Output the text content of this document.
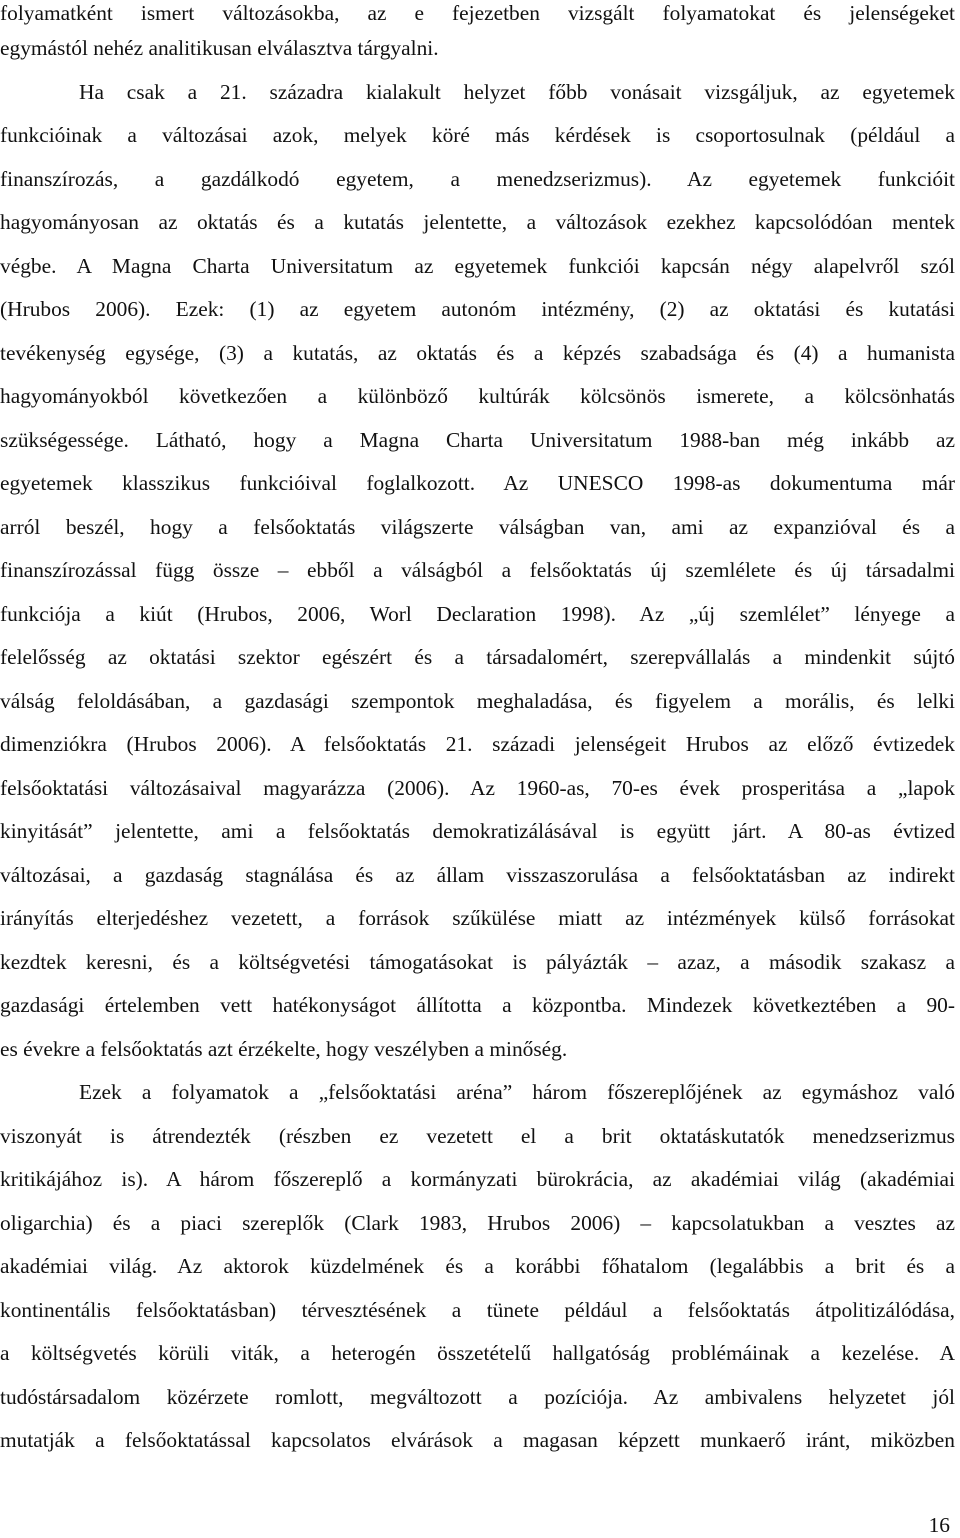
folyamatként ismert változásokba, az e fejezetben vizsgált folyamatokat és jelenségeket
egymástól nehéz analitikusan elválasztva tárgyalni.
Ha csak a 21. századra kialakult helyzet főbb vonásait vizsgáljuk, az egyetemek
funkcióinak a változásai azok, melyek köré más kérdések is csoportosulnak (például a
finanszírozás, a gazdálkodó egyetem, a menedzserizmus). Az egyetemek funkcióit
hagyományosan az oktatás és a kutatás jelentette, a változások ezekhez kapcsolódóan mentek
végbe. A Magna Charta Universitatum az egyetemek funkciói kapcsán négy alapelvről szól
(Hrubos 2006). Ezek: (1) az egyetem autonóm intézmény, (2) az oktatási és kutatási
tevékenység egysége, (3) a kutatás, az oktatás és a képzés szabadsága és (4) a humanista
hagyományokból következően a különböző kultúrák kölcsönös ismerete, a kölcsönhatás
szükségessége. Látható, hogy a Magna Charta Universitatum 1988-ban még inkább az
egyetemek klasszikus funkcióival foglalkozott. Az UNESCO 1998-as dokumentuma már
arról beszél, hogy a felsőoktatás világszerte válságban van, ami az expanzióval és a
finanszírozással függ össze – ebből a válságból a felsőoktatás új szemlélete és új társadalmi
funkciója a kiút (Hrubos, 2006, Worl Declaration 1998). Az „új szemlélet” lényege a
felelősség az oktatási szektor egészért és a társadalomért, szerepvállalás a mindenkit sújtó
válság feloldásában, a gazdasági szempontok meghaladása, és figyelem a morális, és lelki
dimenziókra (Hrubos 2006). A felsőoktatás 21. századi jelenségeit Hrubos az előző évtizedek
felsőoktatási változásaival magyarázza (2006). Az 1960-as, 70-es évek prosperitása a „lapok
kinyitását” jelentette, ami a felsőoktatás demokratizálásával is együtt járt. A 80-as évtized
változásai, a gazdaság stagnálása és az állam visszaszorulása a felsőoktatásban az indirekt
irányítás elterjedéshez vezetett, a források szűkülése miatt az intézmények külső forrásokat
kezdtek keresni, és a költségvetési támogatásokat is pályázták – azaz, a második szakasz a
gazdasági értelemben vett hatékonyságot állította a központba. Mindezek következtében a 90-
es évekre a felsőoktatás azt érzékelte, hogy veszélyben a minőség.
Ezek a folyamatok a „felsőoktatási aréna” három főszereplőjének az egymáshoz való
viszonyát is átrendezték (részben ez vezetett el a brit oktatáskutatók menedzserizmus
kritikájához is). A három főszereplő a kormányzati bürokrácia, az akadémiai világ (akadémiai
oligarchia) és a piaci szereplők (Clark 1983, Hrubos 2006) – kapcsolatukban a vesztes az
akadémiai világ. Az aktorok küzdelmének és a korábbi főhatalom (legalábbis a brit és a
kontinentális felsőoktatásban) térvesztésének a tünete például a felsőoktatás átpolitizálódása,
a költségvetés körüli viták, a heterogén összetételű hallgatóság problémáinak a kezelése. A
tudóstársadalom közérzete romlott, megváltozott a pozíciója. Az ambivalens helyzetet jól
mutatják a felsőoktatással kapcsolatos elvárások a magasan képzett munkaerő iránt, miközben
16
